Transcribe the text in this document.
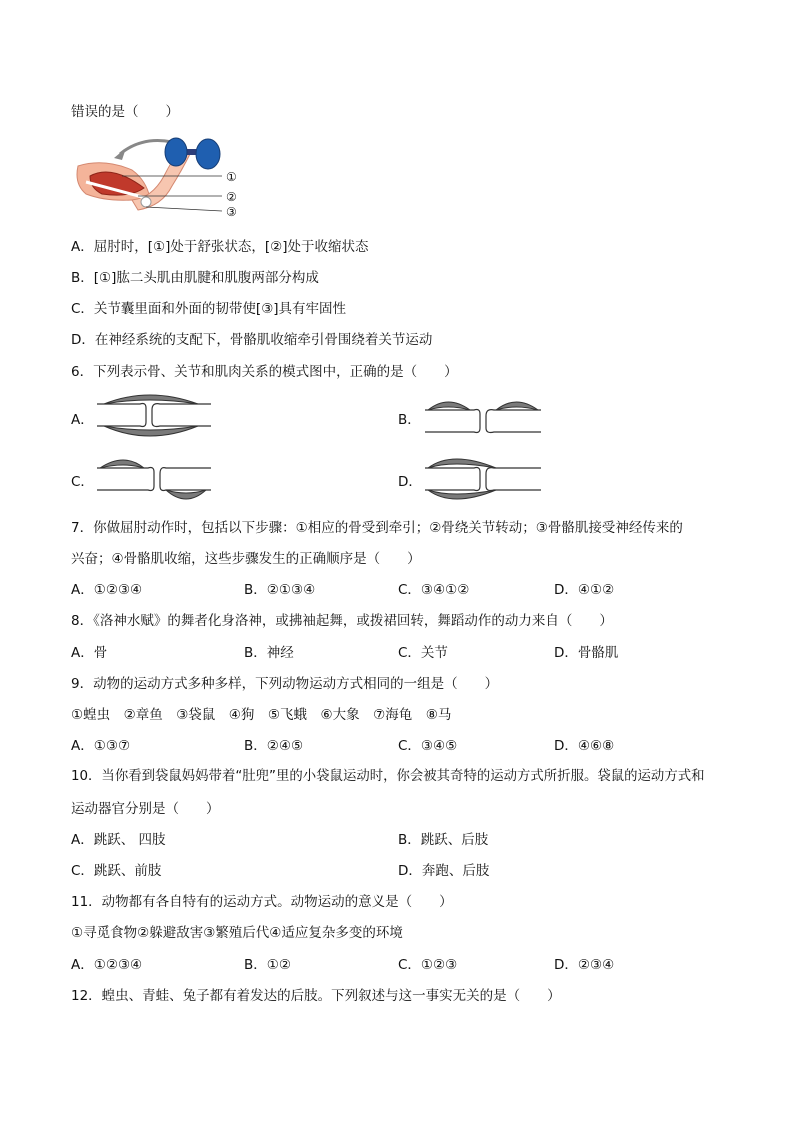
错误的是（　　）
①
②
③
A．屈肘时，[①]处于舒张状态，[②]处于收缩状态
B．[①]肱二头肌由肌腱和肌腹两部分构成
C．关节囊里面和外面的韧带使[③]具有牢固性
D．在神经系统的支配下，骨骼肌收缩牵引骨围绕着关节运动
6．下列表示骨、关节和肌肉关系的模式图中，正确的是（　　）
A．	B．
C．	D．
7．你做屈肘动作时，包括以下步骤：①相应的骨受到牵引；②骨绕关节转动；③骨骼肌接受神经传来的
兴奋；④骨骼肌收缩，这些步骤发生的正确顺序是（　　）
A．①②③④	B．②①③④	C．③④①②	D．④①②
8．《洛神水赋》的舞者化身洛神，或拂袖起舞，或拨裙回转，舞蹈动作的动力来自（　　）
A．骨	B．神经	C．关节	D．骨骼肌
9．动物的运动方式多种多样，下列动物运动方式相同的一组是（　　）
①蝗虫　②章鱼　③袋鼠　④狗　⑤飞蛾　⑥大象　⑦海龟　⑧马
A．①③⑦	B．②④⑤	C．③④⑤	D．④⑥⑧
10．当你看到袋鼠妈妈带着“肚兜”里的小袋鼠运动时，你会被其奇特的运动方式所折服。袋鼠的运动方式和
运动器官分别是（　　）
A．跳跃、 四肢	B．跳跃、后肢
C．跳跃、前肢	D．奔跑、后肢
11．动物都有各自特有的运动方式。动物运动的意义是（　　）
①寻觅食物②躲避敌害③繁殖后代④适应复杂多变的环境
A．①②③④	B．①②	C．①②③	D．②③④
12．蝗虫、青蛙、兔子都有着发达的后肢。下列叙述与这一事实无关的是（　　）
